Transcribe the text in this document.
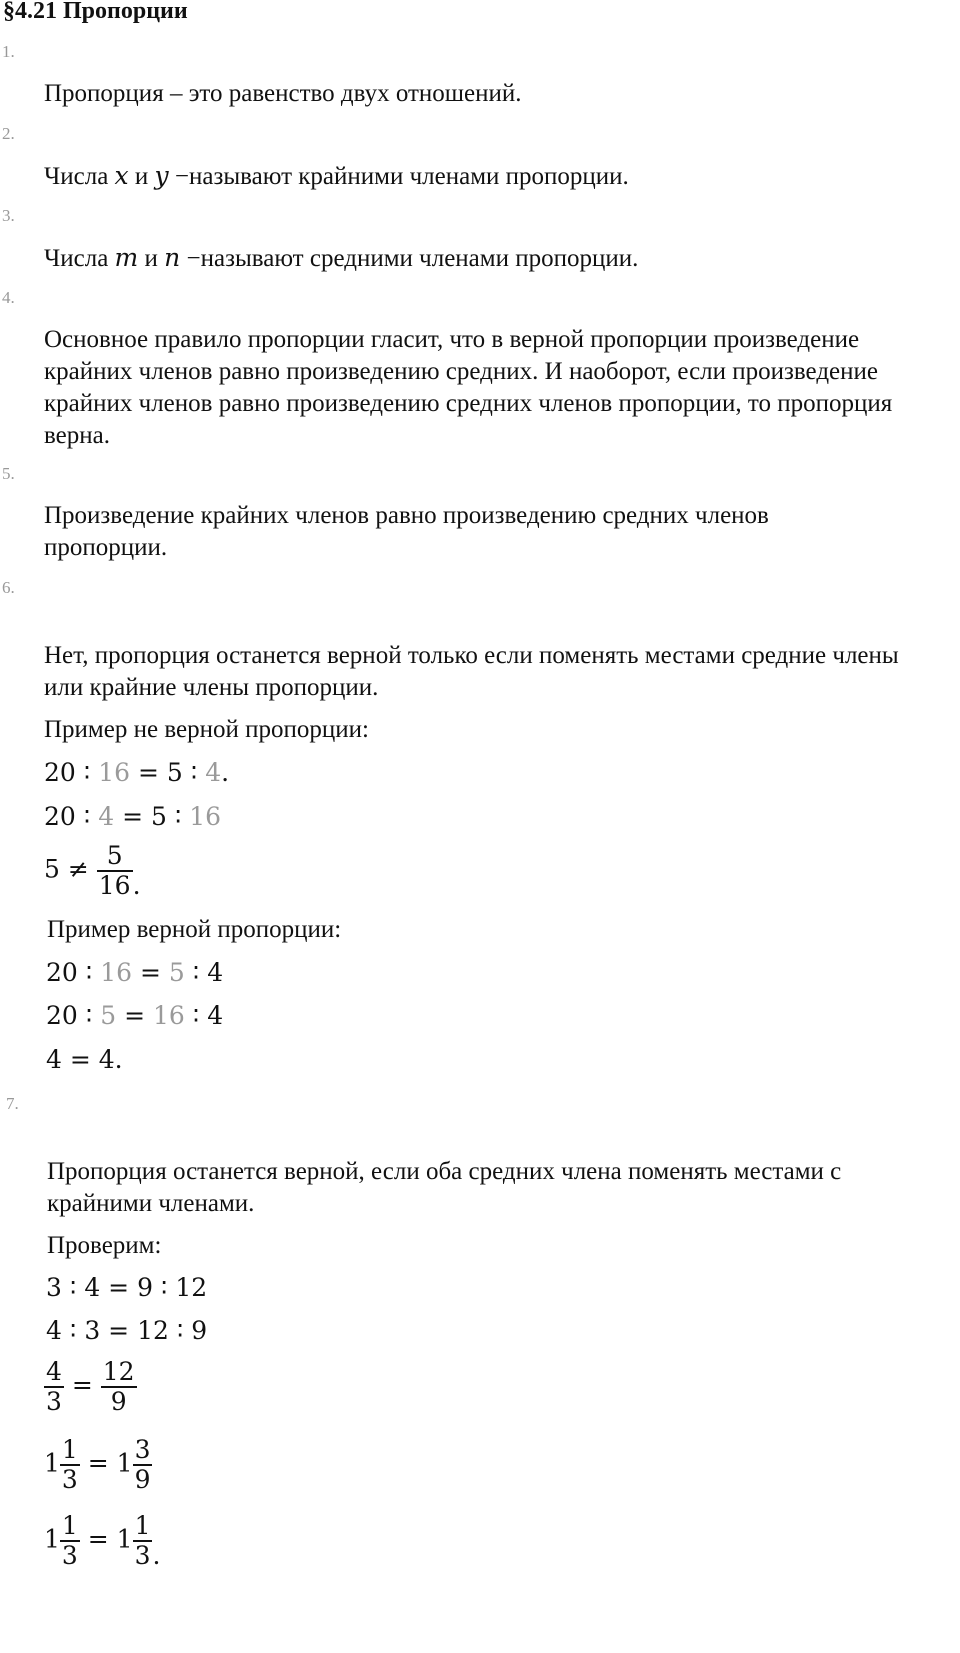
§4.21 Пропорции
1.

Пропорция – это равенство двух отношений.

2.

Числа x и y −называют крайними членами пропорции.

3.

Числа m и n −называют средними членами пропорции.

4.

Основное правило пропорции гласит, что в верной пропорции произведение крайних членов равно произведению средних. И наоборот, если произведение крайних членов равно произведению средних членов пропорции, то пропорция верна.

5.

Произведение крайних членов равно произведению средних членов пропорции.

6.

Нет, пропорция останется верной только если поменять местами средние члены или крайние члены пропорции.

Пример не верной пропорции:

20 ∶ 16 = 5 ∶ 4.
20 ∶ 4 = 5 ∶ 16
$5 \ne \frac{5}{16}$ .

Пример верной пропорции:

20 ∶ 16 = 5 ∶ 4
20 ∶ 5 = 16 ∶ 4
4 = 4.
7.

Пропорция останется верной, если оба средних члена поменять местами с крайними членами.

Проверим:

3 ∶ 4 = 9 ∶ 12
4 ∶ 3 = 12 ∶ 9
$\frac{4}{3} = \frac{12}{9}$
$1 \frac{1}{3} = 1 \frac{3}{9}$
$1 \frac{1}{3} = 1 \frac{1}{3}$ .
